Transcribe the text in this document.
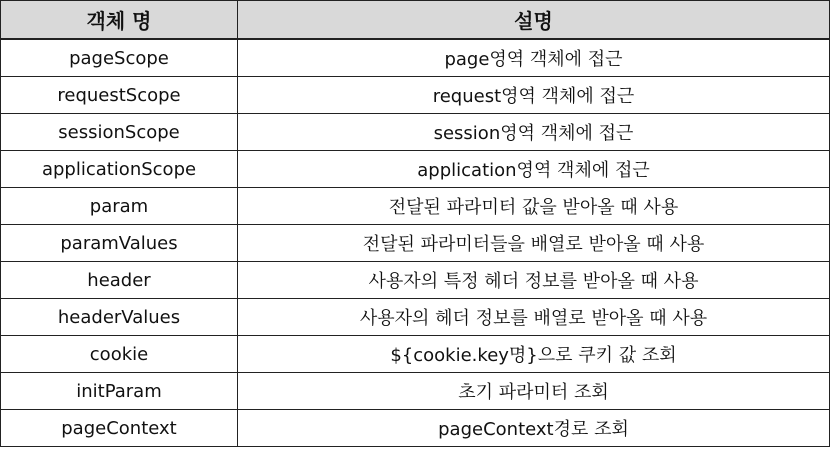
객체 명	설명
pageScope	page영역 객체에 접근
requestScope	request영역 객체에 접근
sessionScope	session영역 객체에 접근
applicationScope	application영역 객체에 접근
param	전달된 파라미터 값을 받아올 때 사용
paramValues	전달된 파라미터들을 배열로 받아올 때 사용
header	사용자의 특정 헤더 정보를 받아올 때 사용
headerValues	사용자의 헤더 정보를 배열로 받아올 때 사용
cookie	${cookie.key명}으로 쿠키 값 조회
initParam	초기 파라미터 조회
pageContext	pageContext경로 조회
